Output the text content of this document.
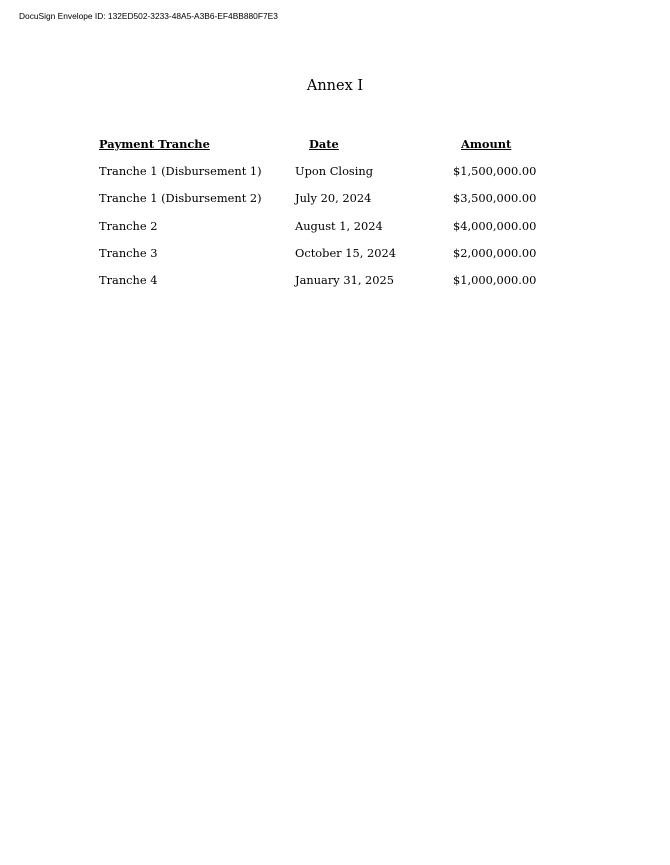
DocuSign Envelope ID: 132ED502-3233-48A5-A3B6-EF4BB880F7E3
Annex I
Payment Tranche	Date	Amount
Tranche 1 (Disbursement 1)	Upon Closing	$1,500,000.00
Tranche 1 (Disbursement 2)	July 20, 2024	$3,500,000.00
Tranche 2	August 1, 2024	$4,000,000.00
Tranche 3	October 15, 2024	$2,000,000.00
Tranche 4	January 31, 2025	$1,000,000.00
